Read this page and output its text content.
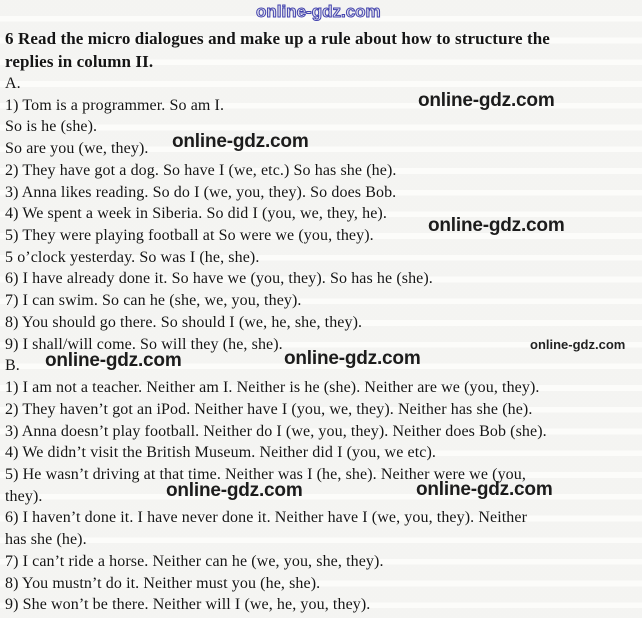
online-gdz.com
6 Read the micro dialogues and make up a rule about how to structure the
replies in column II.
A.
1) Tom is a programmer. So am I.
So is he (she).
So are you (we, they).
2) They have got a dog. So have I (we, etc.) So has she (he).
3) Anna likes reading. So do I (we, you, they). So does Bob.
4) We spent a week in Siberia. So did I (you, we, they, he).
5) They were playing football at So were we (you, they).
5 o’clock yesterday. So was I (he, she).
6) I have already done it. So have we (you, they). So has he (she).
7) I can swim. So can he (she, we, you, they).
8) You should go there. So should I (we, he, she, they).
9) I shall/will come. So will they (he, she).
B.
1) I am not a teacher. Neither am I. Neither is he (she). Neither are we (you, they).
2) They haven’t got an iPod. Neither have I (you, we, they). Neither has she (he).
3) Anna doesn’t play football. Neither do I (we, you, they). Neither does Bob (she).
4) We didn’t visit the British Museum. Neither did I (you, we etc).
5) He wasn’t driving at that time. Neither was I (he, she). Neither were we (you,
they).
6) I haven’t done it. I have never done it. Neither have I (we, you, they). Neither
has she (he).
7) I can’t ride a horse. Neither can he (we, you, she, they).
8) You mustn’t do it. Neither must you (he, she).
9) She won’t be there. Neither will I (we, he, you, they).
online-gdz.com
online-gdz.com
online-gdz.com
online-gdz.com
online-gdz.com	online-gdz.com
online-gdz.com	online-gdz.com
